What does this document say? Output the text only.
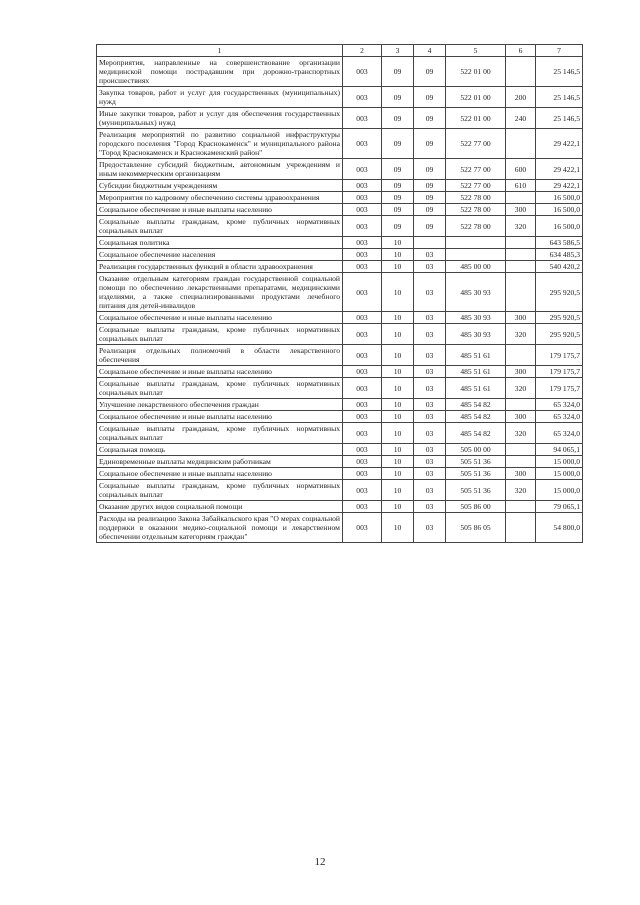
1	2	3	4	5	6	7
Мероприятия, направленные на совершенствование организации медицинской помощи пострадавшим при дорожно-транспортных происшествиях	003	09	09	522 01 00		25 146,5
Закупка товаров, работ и услуг для государственных (муниципальных) нужд	003	09	09	522 01 00	200	25 146,5
Иные закупки товаров, работ и услуг для обеспечения государственных (муниципальных) нужд	003	09	09	522 01 00	240	25 146,5
Реализация мероприятий по развитию социальной инфраструктуры городского поселения "Город Краснокаменск" и муниципального района "Город Краснокаменск и Краснокаменский район"	003	09	09	522 77 00		29 422,1
Предоставление субсидий бюджетным, автономным учреждениям и иным некоммерческим организациям	003	09	09	522 77 00	600	29 422,1
Субсидии бюджетным учреждениям	003	09	09	522 77 00	610	29 422,1
Мероприятия по кадровому обеспечению системы здравоохранения	003	09	09	522 78 00		16 500,0
Социальное обеспечение и иные выплаты населению	003	09	09	522 78 00	300	16 500,0
Социальные выплаты гражданам, кроме публичных нормативных социальных выплат	003	09	09	522 78 00	320	16 500,0
Социальная политика	003	10				643 586,5
Социальное обеспечение населения	003	10	03			634 485,3
Реализация государственных функций в области здравоохранения	003	10	03	485 00 00		540 420,2
Оказание отдельным категориям граждан государственной социальной помощи по обеспечению лекарственными препаратами, медицинскими изделиями, а также специализированными продуктами лечебного питания для детей-инвалидов	003	10	03	485 30 93		295 920,5
Социальное обеспечение и иные выплаты населению	003	10	03	485 30 93	300	295 920,5
Социальные выплаты гражданам, кроме публичных нормативных социальных выплат	003	10	03	485 30 93	320	295 920,5
Реализация отдельных полномочий в области лекарственного обеспечения	003	10	03	485 51 61		179 175,7
Социальное обеспечение и иные выплаты населению	003	10	03	485 51 61	300	179 175,7
Социальные выплаты гражданам, кроме публичных нормативных социальных выплат	003	10	03	485 51 61	320	179 175,7
Улучшение лекарственного обеспечения граждан	003	10	03	485 54 82		65 324,0
Социальное обеспечение и иные выплаты населению	003	10	03	485 54 82	300	65 324,0
Социальные выплаты гражданам, кроме публичных нормативных социальных выплат	003	10	03	485 54 82	320	65 324,0
Социальная помощь	003	10	03	505 00 00		94 065,1
Единовременные выплаты медицинским работникам	003	10	03	505 51 36		15 000,0
Социальное обеспечение и иные выплаты населению	003	10	03	505 51 36	300	15 000,0
Социальные выплаты гражданам, кроме публичных нормативных социальных выплат	003	10	03	505 51 36	320	15 000,0
Оказание других видов социальной помощи	003	10	03	505 86 00		79 065,1
Расходы на реализацию Закона Забайкальского края "О мерах социальной поддержки в оказании медико-социальной помощи и лекарственном обеспечении отдельным категориям граждан"	003	10	03	505 86 05		54 800,0
12
